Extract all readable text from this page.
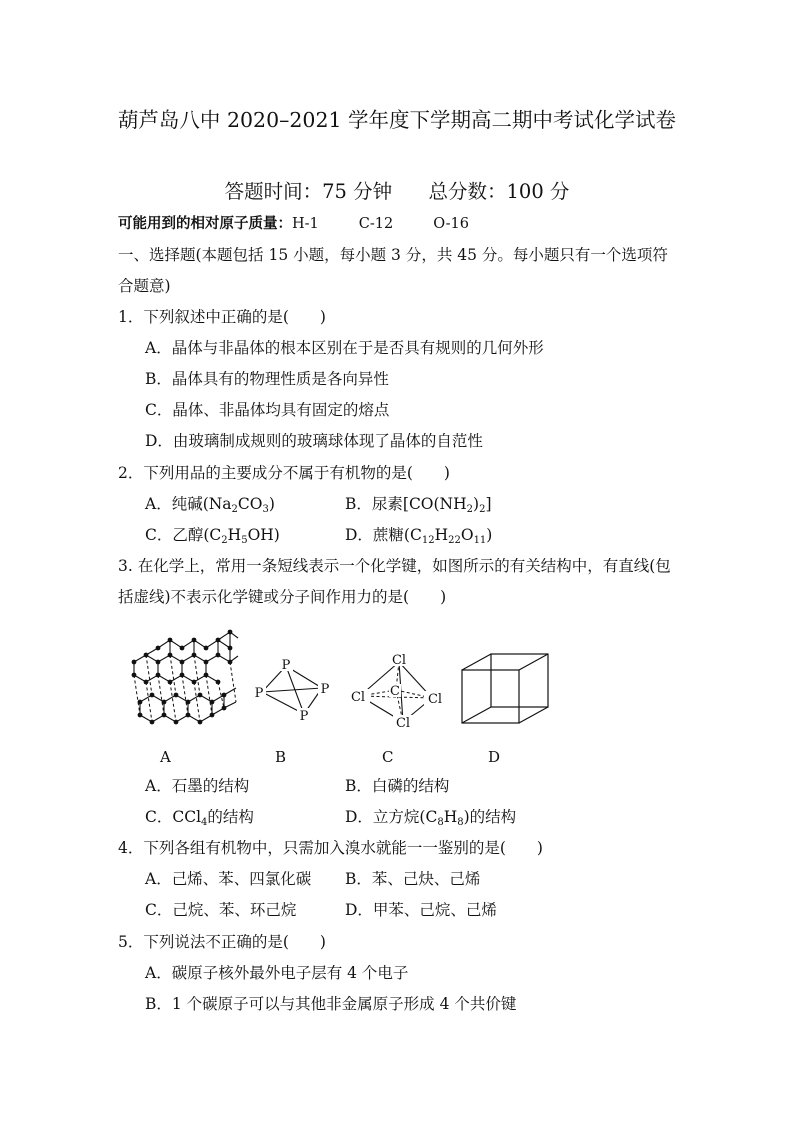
葫芦岛八中 2020–2021 学年度下学期高二期中考试化学试卷
答题时间：75 分钟 总分数：100 分
可能用到的相对原子质量：H-1	C-12	O-16
一、选择题(本题包括 15 小题，每小题 3 分，共 45 分。每小题只有一个选项符
合题意)
1．下列叙述中正确的是(　　)
A．晶体与非晶体的根本区别在于是否具有规则的几何外形
B．晶体具有的物理性质是各向异性
C．晶体、非晶体均具有固定的熔点
D．由玻璃制成规则的玻璃球体现了晶体的自范性
2．下列用品的主要成分不属于有机物的是(　　)
A．纯碱$(Na_2CO_3)$	B．尿素$[CO(NH_2)_2]$
C．乙醇$(C_2H_5OH)$	D．蔗糖$(C_{12}H_{22}O_{11})$
3. 在化学上，常用一条短线表示一个化学键，如图所示的有关结构中，有直线(包
括虚线)不表示化学键或分子间作用力的是(　　)
P
P	P
P
Cl
Cl	Cl
Cl
C
A	B	C	D
A．石墨的结构	B．白磷的结构
C．CCl$_4$的结构	D．立方烷$(C_8H_8)$的结构
4．下列各组有机物中，只需加入溴水就能一一鉴别的是(　　)
A．己烯、苯、四氯化碳 B．苯、己炔、己烯
C．己烷、苯、环己烷	D．甲苯、己烷、己烯
5．下列说法不正确的是(　　)
A．碳原子核外最外电子层有 4 个电子
B．1 个碳原子可以与其他非金属原子形成 4 个共价键
